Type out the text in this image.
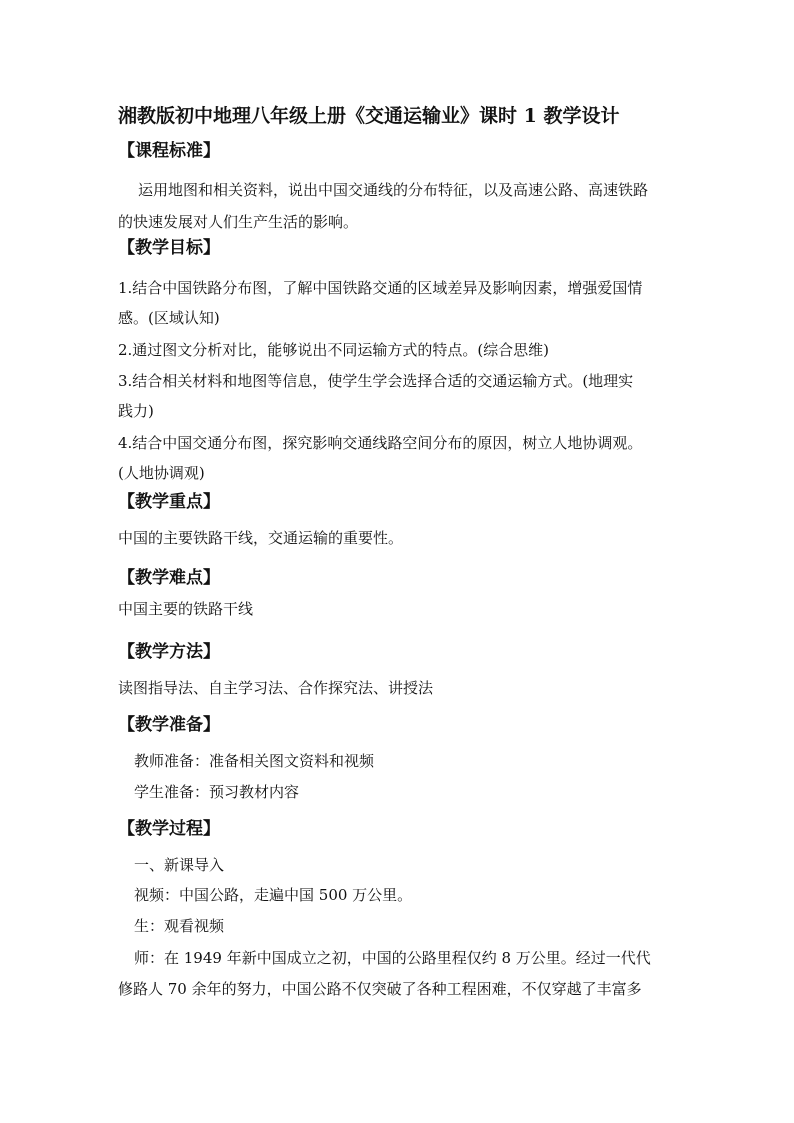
湘教版初中地理八年级上册《交通运输业》课时 1 教学设计
【课程标准】
运用地图和相关资料，说出中国交通线的分布特征，以及高速公路、高速铁路
的快速发展对人们生产生活的影响。
【教学目标】
1.结合中国铁路分布图，了解中国铁路交通的区域差异及影响因素，增强爱国情
感。(区域认知)
2.通过图文分析对比，能够说出不同运输方式的特点。(综合思维)
3.结合相关材料和地图等信息，使学生学会选择合适的交通运输方式。(地理实
践力)
4.结合中国交通分布图，探究影响交通线路空间分布的原因，树立人地协调观。
(人地协调观)
【教学重点】
中国的主要铁路干线，交通运输的重要性。
【教学难点】
中国主要的铁路干线
【教学方法】
读图指导法、自主学习法、合作探究法、讲授法
【教学准备】
教师准备：准备相关图文资料和视频
学生准备：预习教材内容
【教学过程】
一、新课导入
视频：中国公路，走遍中国 500 万公里。
生：观看视频
师：在 1949 年新中国成立之初，中国的公路里程仅约 8 万公里。经过一代代
修路人 70 余年的努力，中国公路不仅突破了各种工程困难，不仅穿越了丰富多
